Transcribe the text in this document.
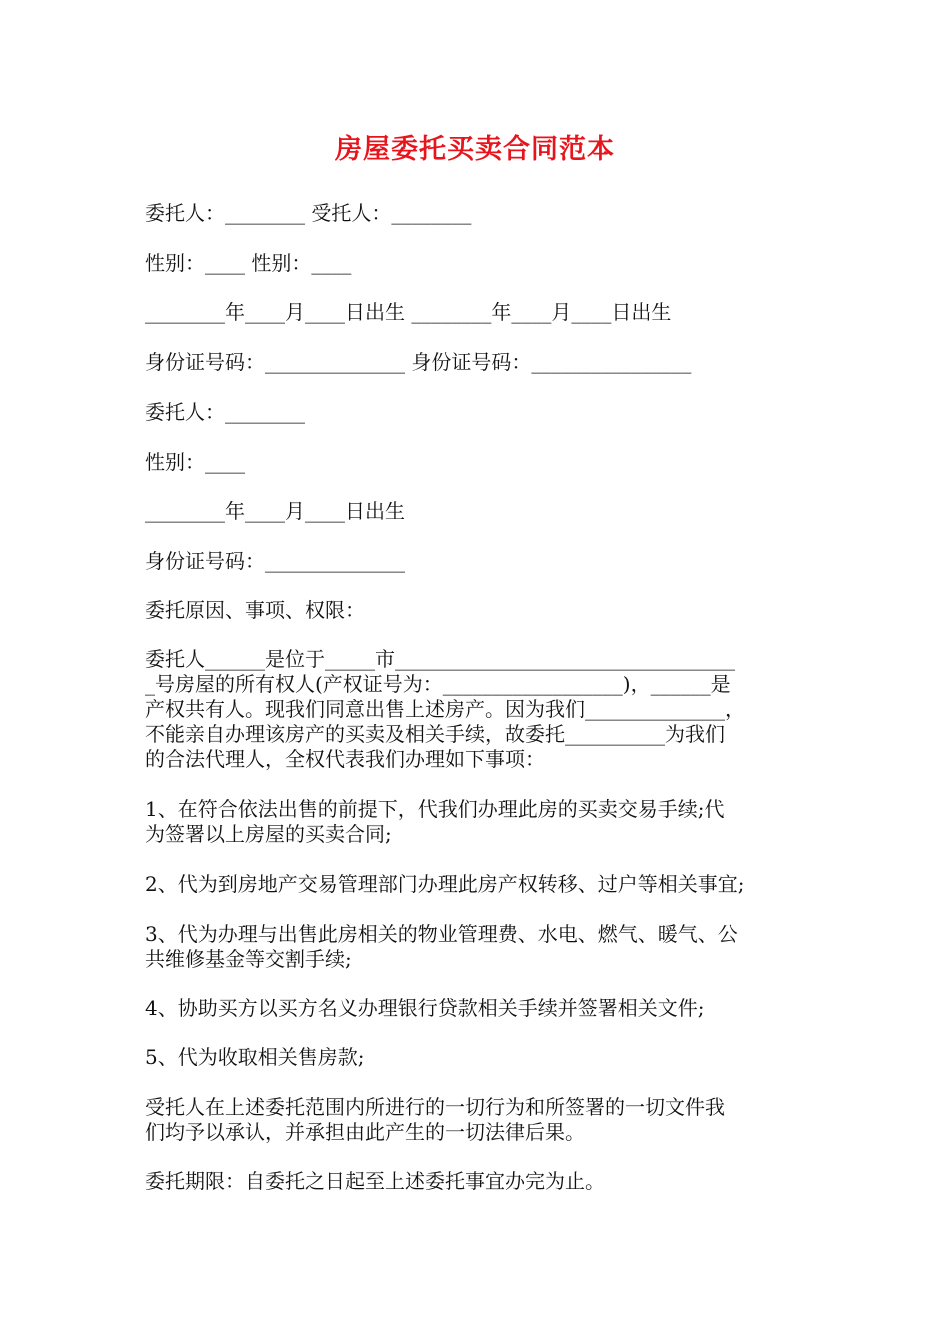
房屋委托买卖合同范本
委托人：________ 受托人：________
性别：____ 性别：____
________年____月____日出生 ________年____月____日出生
身份证号码：______________ 身份证号码：________________
委托人：________
性别：____
________年____月____日出生
身份证号码：______________
委托原因、事项、权限：
委托人______是位于_____市__________________________________
_号房屋的所有权人(产权证号为：__________________)，______是
产权共有人。现我们同意出售上述房产。因为我们______________，
不能亲自办理该房产的买卖及相关手续，故委托__________为我们
的合法代理人，全权代表我们办理如下事项：
1、在符合依法出售的前提下，代我们办理此房的买卖交易手续;代
为签署以上房屋的买卖合同;
2、代为到房地产交易管理部门办理此房产权转移、过户等相关事宜;
3、代为办理与出售此房相关的物业管理费、水电、燃气、暖气、公
共维修基金等交割手续;
4、协助买方以买方名义办理银行贷款相关手续并签署相关文件;
5、代为收取相关售房款;
受托人在上述委托范围内所进行的一切行为和所签署的一切文件我
们均予以承认，并承担由此产生的一切法律后果。
委托期限：自委托之日起至上述委托事宜办完为止。
